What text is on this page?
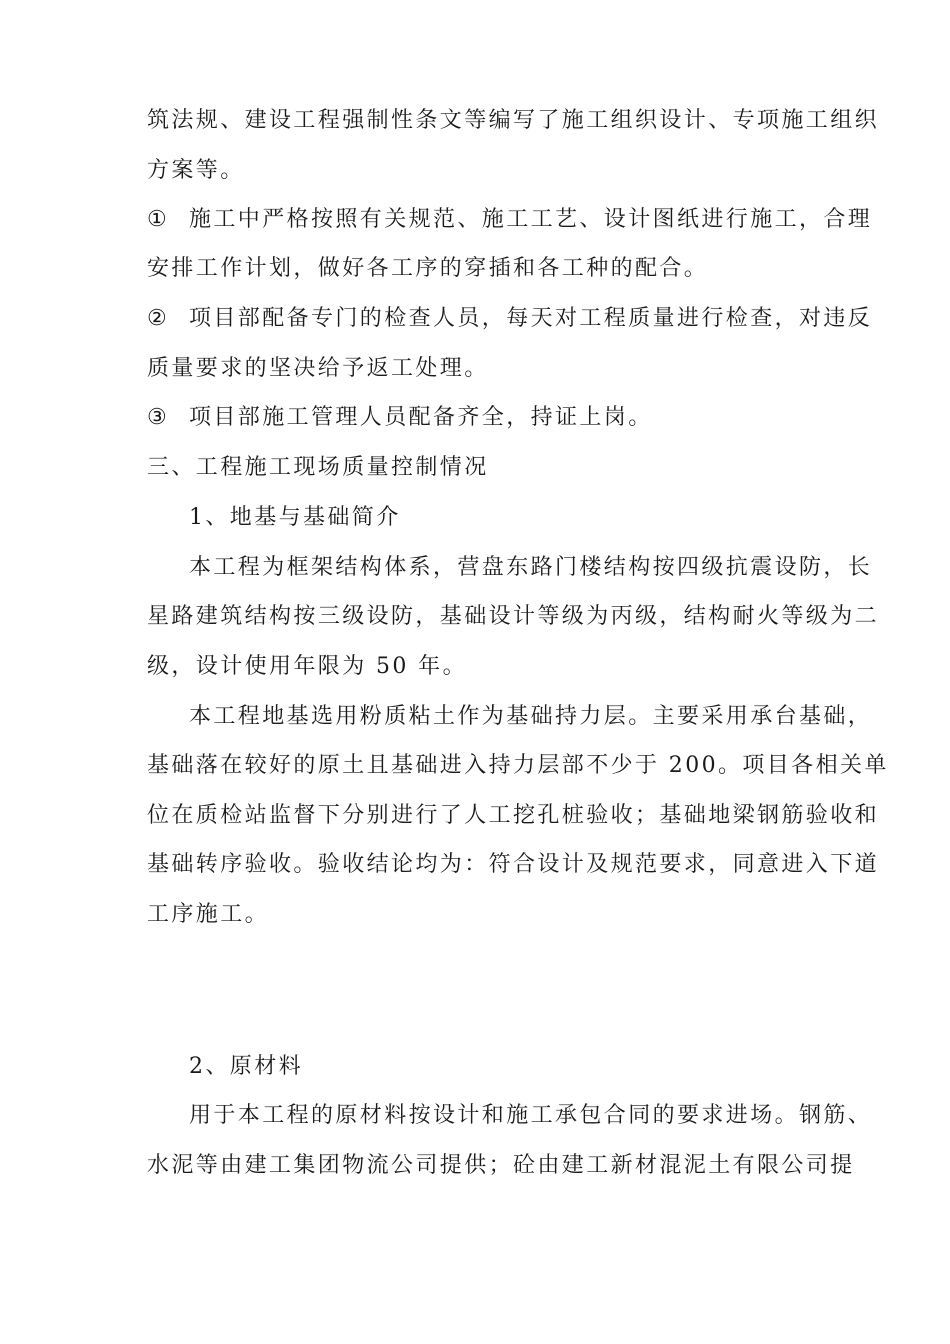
筑法规、建设工程强制性条文等编写了施工组织设计、专项施工组织
方案等。
① 施工中严格按照有关规范、施工工艺、设计图纸进行施工，合理
安排工作计划，做好各工序的穿插和各工种的配合。
② 项目部配备专门的检查人员，每天对工程质量进行检查，对违反
质量要求的坚决给予返工处理。
③ 项目部施工管理人员配备齐全，持证上岗。
三、工程施工现场质量控制情况
1、地基与基础简介
本工程为框架结构体系，营盘东路门楼结构按四级抗震设防，长
星路建筑结构按三级设防，基础设计等级为丙级，结构耐火等级为二
级，设计使用年限为 50 年。
本工程地基选用粉质粘土作为基础持力层。主要采用承台基础，
基础落在较好的原土且基础进入持力层部不少于 200。项目各相关单
位在质检站监督下分别进行了人工挖孔桩验收；基础地梁钢筋验收和
基础转序验收。验收结论均为：符合设计及规范要求，同意进入下道
工序施工。
2、原材料
用于本工程的原材料按设计和施工承包合同的要求进场。钢筋、
水泥等由建工集团物流公司提供；砼由建工新材混泥土有限公司提
